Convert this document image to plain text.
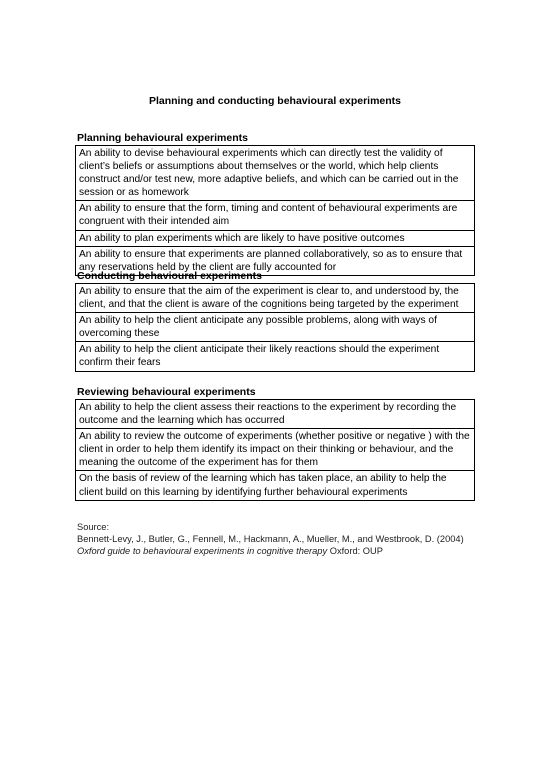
Planning and conducting behavioural experiments
Planning behavioural experiments
An ability to devise behavioural experiments which can directly test the validity of client’s beliefs or assumptions about themselves or the world, which help clients construct and/or test new, more adaptive beliefs, and which can be carried out in the session or as homework
An ability to ensure that the form, timing and content of behavioural experiments are congruent with their intended aim
An ability to plan experiments which are likely to have positive outcomes
An ability to ensure that experiments are planned collaboratively, so as to ensure that any reservations held by the client are fully accounted for
Conducting behavioural experiments
An ability to ensure that the aim of the experiment is clear to, and understood by, the client, and that the client is aware of the cognitions being targeted by the experiment
An ability to help the client anticipate any possible problems, along with ways of overcoming these
An ability to help the client anticipate their likely reactions should the experiment confirm their fears
Reviewing behavioural experiments
An ability to help the client assess their reactions to the experiment by recording the outcome and the learning which has occurred
An ability to review the outcome of experiments (whether positive or negative ) with the client in order to help them identify its impact on their thinking or behaviour, and the meaning the outcome of the experiment has for them
On the basis of review of the learning which has taken place, an ability to help the client build on this learning by identifying further behavioural experiments
Source:
Bennett-Levy, J., Butler, G., Fennell, M., Hackmann, A., Mueller, M., and Westbrook, D. (2004)
Oxford guide to behavioural experiments in cognitive therapy Oxford: OUP
